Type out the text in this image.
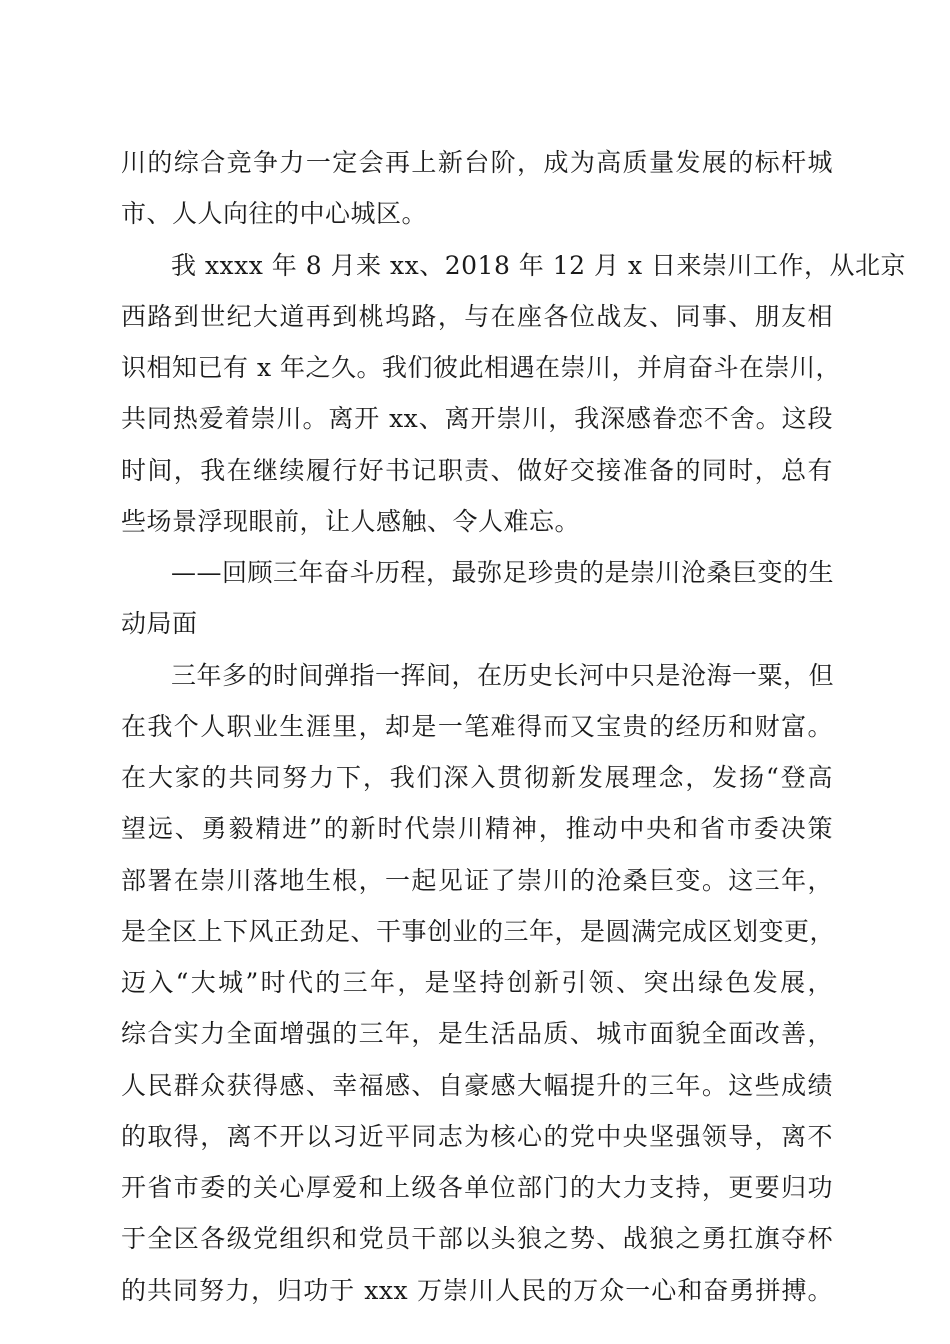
川的综合竞争力一定会再上新台阶，成为高质量发展的标杆城
市、人人向往的中心城区。
我 xxxx 年 8 月来 xx、2018 年 12 月 x 日来崇川工作，从北京
西路到世纪大道再到桃坞路，与在座各位战友、同事、朋友相
识相知已有 x 年之久。我们彼此相遇在崇川，并肩奋斗在崇川，
共同热爱着崇川。离开 xx、离开崇川，我深感眷恋不舍。这段
时间，我在继续履行好书记职责、做好交接准备的同时，总有
些场景浮现眼前，让人感触、令人难忘。
——回顾三年奋斗历程，最弥足珍贵的是崇川沧桑巨变的生
动局面
三年多的时间弹指一挥间，在历史长河中只是沧海一粟，但
在我个人职业生涯里，却是一笔难得而又宝贵的经历和财富。
在大家的共同努力下，我们深入贯彻新发展理念，发扬“登高
望远、勇毅精进”的新时代崇川精神，推动中央和省市委决策
部署在崇川落地生根，一起见证了崇川的沧桑巨变。这三年，
是全区上下风正劲足、干事创业的三年，是圆满完成区划变更，
迈入“大城”时代的三年，是坚持创新引领、突出绿色发展，
综合实力全面增强的三年，是生活品质、城市面貌全面改善，
人民群众获得感、幸福感、自豪感大幅提升的三年。这些成绩
的取得，离不开以习近平同志为核心的党中央坚强领导，离不
开省市委的关心厚爱和上级各单位部门的大力支持，更要归功
于全区各级党组织和党员干部以头狼之势、战狼之勇扛旗夺杯
的共同努力，归功于 xxx 万崇川人民的万众一心和奋勇拼搏。
